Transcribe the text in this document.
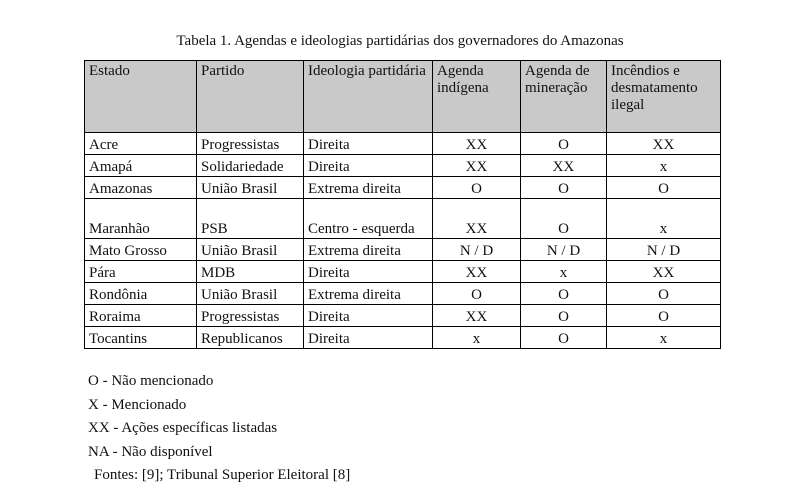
Tabela 1. Agendas e ideologias partidárias dos governadores do Amazonas
Estado	Partido	Ideologia partidária	Agenda indígena	Agenda de mineração	Incêndios e desmatamento ilegal
Acre	Progressistas	Direita	XX	O	XX
Amapá	Solidariedade	Direita	XX	XX	x
Amazonas	União Brasil	Extrema direita	O	O	O
Maranhão	PSB	Centro - esquerda	XX	O	x
Mato Grosso	União Brasil	Extrema direita	N / D	N / D	N / D
Pára	MDB	Direita	XX	x	XX
Rondônia	União Brasil	Extrema direita	O	O	O
Roraima	Progressistas	Direita	XX	O	O
Tocantins	Republicanos	Direita	x	O	x
O - Não mencionado
X - Mencionado
XX - Ações específicas listadas
NA - Não disponível
Fontes: [9]; Tribunal Superior Eleitoral [8]
